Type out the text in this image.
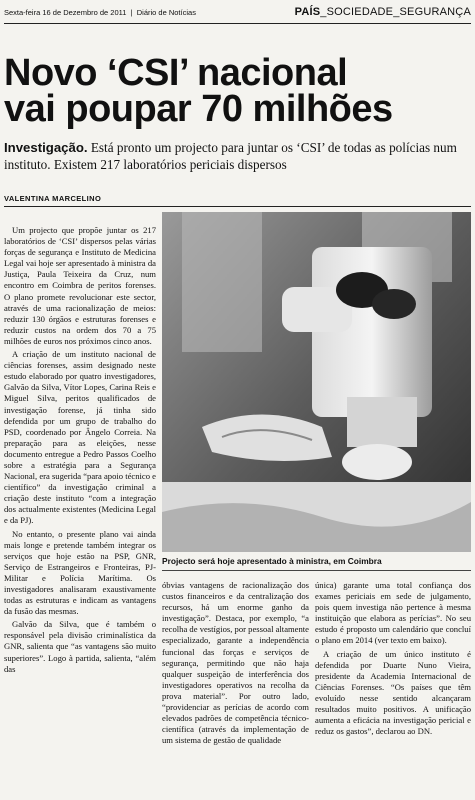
Sexta-feira 16 de Dezembro de 2011  |  Diário de Notícias	PAÍS_SOCIEDADE_SEGURANÇA
Novo ‘CSI’ nacional
vai poupar 70 milhões
Investigação. Está pronto um projecto para juntar os ‘CSI’ de todas as polícias num instituto. Existem 217 laboratórios periciais dispersos
VALENTINA MARCELINO

Um projecto que propõe juntar os 217 laboratórios de ‘CSI’ dispersos pelas várias forças de segurança e Instituto de Medicina Legal vai hoje ser apresentado à ministra da Justiça, Paula Teixeira da Cruz, num encontro em Coimbra de peritos forenses. O plano promete revolucionar este sector, através de uma racionalização de meios: reduzir 130 órgãos e estruturas forenses e reduzir custos na ordem dos 70 a 75 milhões de euros nos próximos cinco anos.

A criação de um instituto nacional de ciências forenses, assim designado neste estudo elaborado por quatro investigadores, Galvão da Silva, Vítor Lopes, Carina Reis e Miguel Silva, peritos qualificados de investigação forense, já tinha sido defendida por um grupo de trabalho do PSD, coordenado por Ângelo Correia. Na preparação para as eleições, nesse documento entregue a Pedro Passos Coelho sobre a estratégia para a Segurança Nacional, era sugerida “para apoio técnico e científico” da investigação criminal a criação deste instituto “com a integração dos actualmente existentes (Medicina Legal e da PJ).

No entanto, o presente plano vai ainda mais longe e pretende também integrar os serviços que hoje estão na PSP, GNR, Serviço de Estrangeiros e Fronteiras, PJ-Militar e Polícia Marítima. Os investigadores analisaram exaustivamente todas as estruturas e indicam as vantagens da fusão das mesmas.

Galvão da Silva, que é também o responsável pela divisão criminalística da GNR, salienta que “as vantagens são muito superiores”. Logo à partida, salienta, “além das

Projecto será hoje apresentado à ministra, em Coimbra

óbvias vantagens de racionalização dos custos financeiros e da centralização dos recursos, há um enorme ganho da investigação”. Destaca, por exemplo, “a recolha de vestígios, por pessoal altamente especializado, garante a independência funcional das forças e serviços de segurança, permitindo que não haja qualquer suspeição de interferência dos investigadores operativos na recolha da prova material”. Por outro lado, “providenciar as perícias de acordo com elevados padrões de competência técnico-científica (através da implementação de um sistema de gestão de qualidade

única) garante uma total confiança dos exames periciais em sede de julgamento, pois quem investiga não pertence à mesma instituição que elabora as perícias”. No seu estudo é proposto um calendário que concluí o plano em 2014 (ver texto em baixo).

A criação de um único instituto é defendida por Duarte Nuno Vieira, presidente da Academia Internacional de Ciências Forenses. “Os países que têm evoluído nesse sentido alcançaram resultados muito positivos. A unificação aumenta a eficácia na investigação pericial e reduz os gastos”, declarou ao DN.
